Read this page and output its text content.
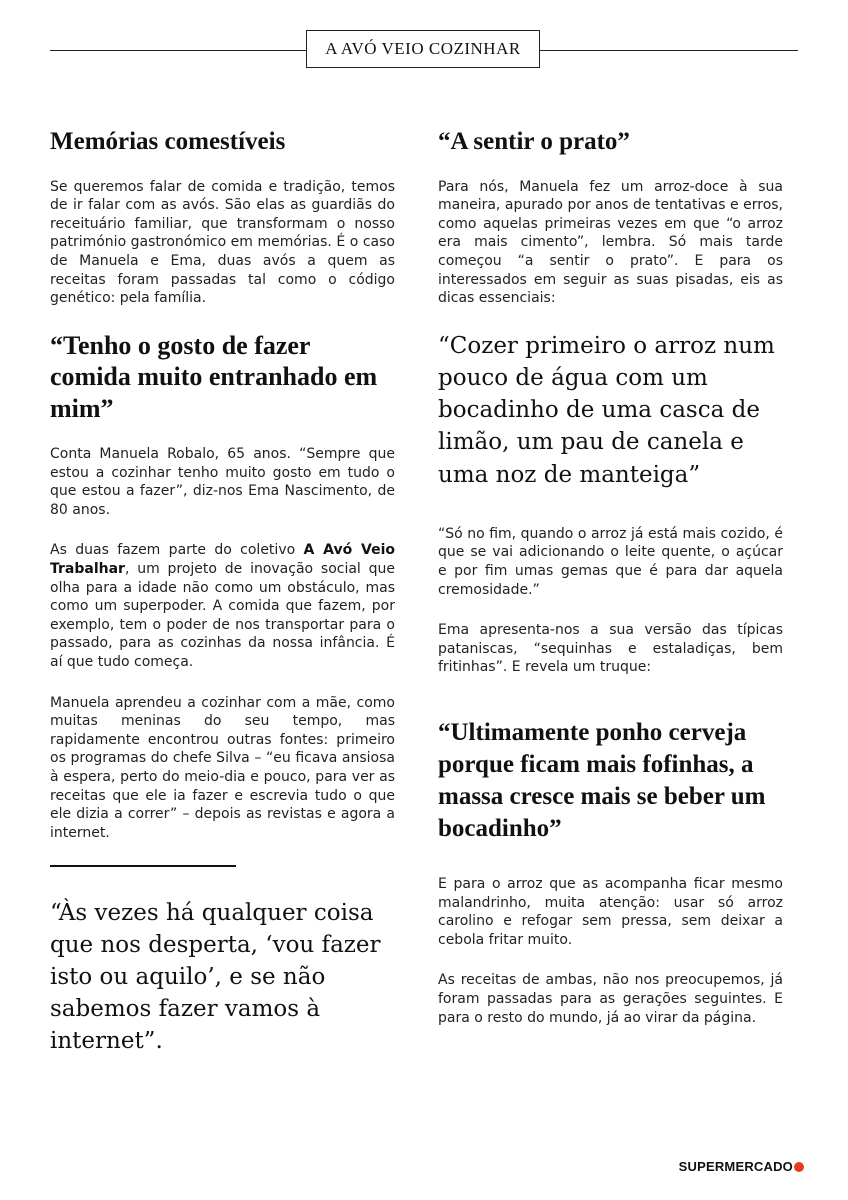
A AVÓ VEIO COZINHAR
Memórias comestíveis

Se queremos falar de comida e tradição, temos de ir falar com as avós. São elas as guardiãs do receituário familiar, que transformam o nosso património gastronómico em memórias. É o caso de Manuela e Ema, duas avós a quem as receitas foram passadas tal como o código genético: pela família.

“Tenho o gosto de fazer comida muito entranhado em mim”

Conta Manuela Robalo, 65 anos. “Sempre que estou a cozinhar tenho muito gosto em tudo o que estou a fazer”, diz-nos Ema Nascimento, de 80 anos.

As duas fazem parte do coletivo A Avó Veio Trabalhar, um projeto de inovação social que olha para a idade não como um obstáculo, mas como um superpoder. A comida que fazem, por exemplo, tem o poder de nos transportar para o passado, para as cozinhas da nossa infância. É aí que tudo começa.

Manuela aprendeu a cozinhar com a mãe, como muitas meninas do seu tempo, mas rapidamente encontrou outras fontes: primeiro os programas do chefe Silva – “eu ficava ansiosa à espera, perto do meio-dia e pouco, para ver as receitas que ele ia fazer e escrevia tudo o que ele dizia a correr” – depois as revistas e agora a internet.

“Às vezes há qualquer coisa que nos desperta, ‘vou fazer isto ou aquilo’, e se não sabemos fazer vamos à internet”.

“A sentir o prato”

Para nós, Manuela fez um arroz-doce à sua maneira, apurado por anos de tentativas e erros, como aquelas primeiras vezes em que “o arroz era mais cimento”, lembra. Só mais tarde começou “a sentir o prato”. E para os interessados em seguir as suas pisadas, eis as dicas essenciais:

“Cozer primeiro o arroz num pouco de água com um bocadinho de uma casca de limão, um pau de canela e uma noz de manteiga”

“Só no fim, quando o arroz já está mais cozido, é que se vai adicionando o leite quente, o açúcar e por fim umas gemas que é para dar aquela cremosidade.”

Ema apresenta-nos a sua versão das típicas pataniscas, “sequinhas e estaladiças, bem fritinhas”. E revela um truque:

“Ultimamente ponho cerveja porque ficam mais fofinhas, a massa cresce mais se beber um bocadinho”

E para o arroz que as acompanha ficar mesmo malandrinho, muita atenção: usar só arroz carolino e refogar sem pressa, sem deixar a cebola fritar muito.

As receitas de ambas, não nos preocupemos, já foram passadas para as gerações seguintes. E para o resto do mundo, já ao virar da página.

SUPERMERCADO
